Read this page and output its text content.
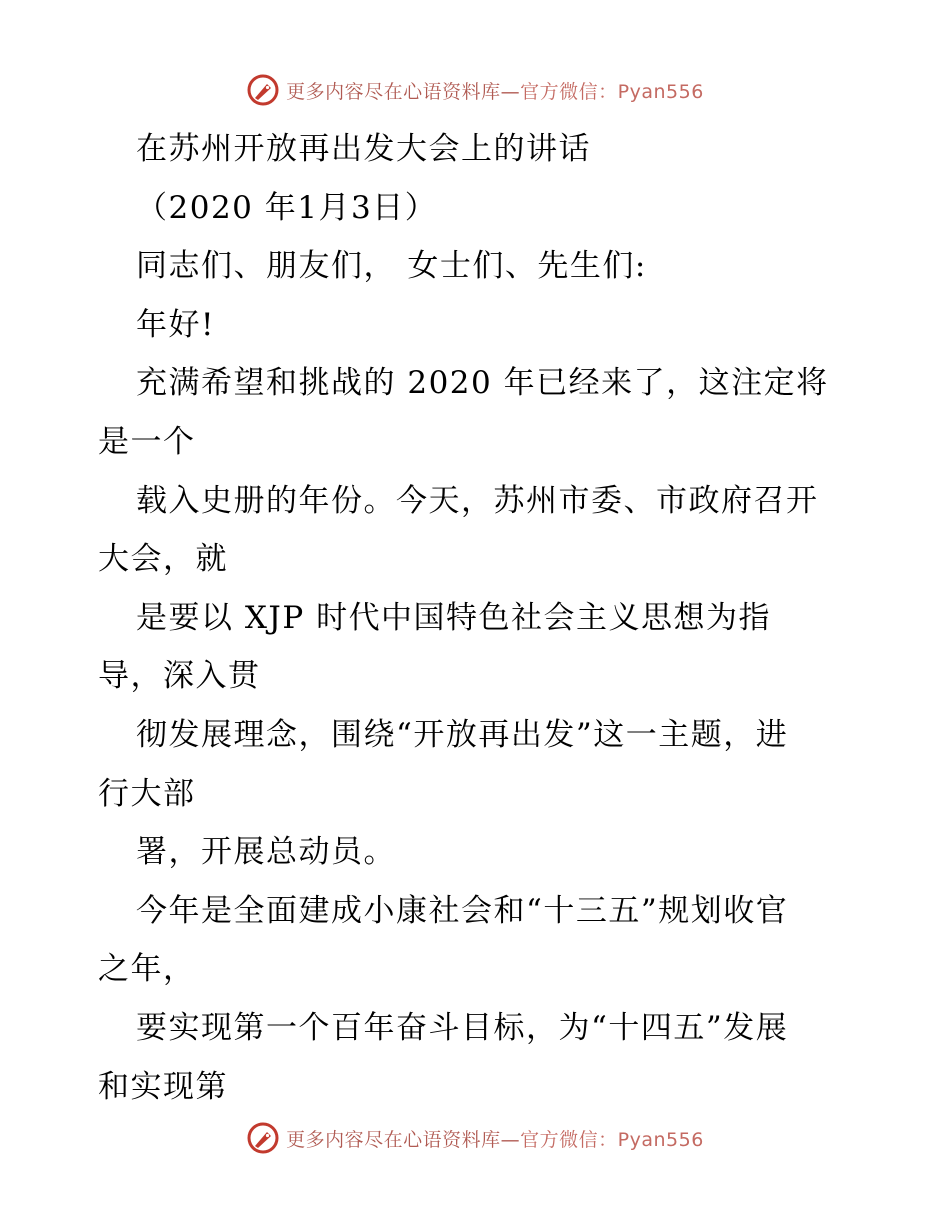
更多内容尽在心语资料库—官方微信：Pyan556
在苏州开放再出发大会上的讲话
（2020 年1月3日）
同志们、朋友们， 女士们、先生们:
年好!
充满希望和挑战的 2020 年已经来了，这注定将
是一个
载入史册的年份。今天，苏州市委、市政府召开
大会，就
是要以 XJP 时代中国特色社会主义思想为指
导，深入贯
彻发展理念，围绕“开放再出发”这一主题，进
行大部
署，开展总动员。
今年是全面建成小康社会和“十三五”规划收官
之年，
要实现第一个百年奋斗目标，为“十四五”发展
和实现第
更多内容尽在心语资料库—官方微信：Pyan556
